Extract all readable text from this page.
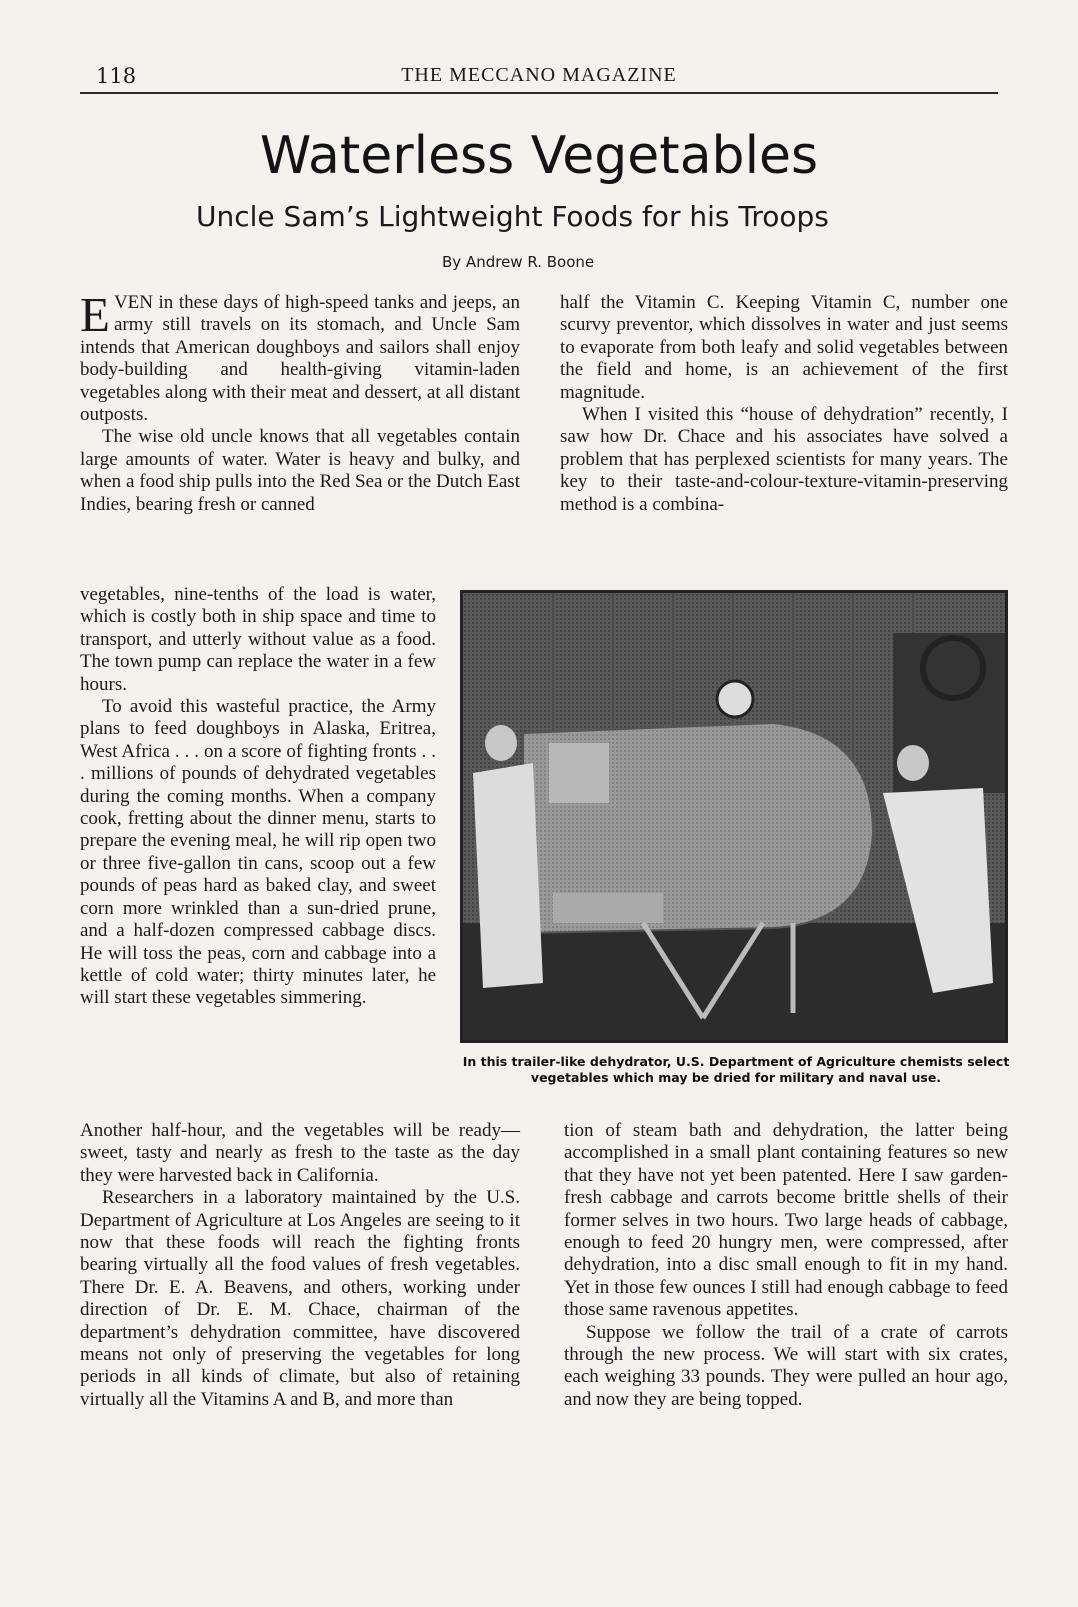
118	THE MECCANO MAGAZINE
Waterless Vegetables
Uncle Sam’s Lightweight Foods for his Troops
By Andrew R. Boone

EVEN in these days of high-speed tanks and jeeps, an army still travels on its stomach, and Uncle Sam intends that American doughboys and sailors shall enjoy body-building and health-giving vitamin-laden vegetables along with their meat and dessert, at all distant outposts.

The wise old uncle knows that all vegetables contain large amounts of water. Water is heavy and bulky, and when a food ship pulls into the Red Sea or the Dutch East Indies, bearing fresh or canned

vegetables, nine-tenths of the load is water, which is costly both in ship space and time to transport, and utterly without value as a food. The town pump can replace the water in a few hours.

To avoid this wasteful practice, the Army plans to feed doughboys in Alaska, Eritrea, West Africa . . . on a score of fighting fronts . . . millions of pounds of dehydrated vegetables during the coming months. When a company cook, fretting about the dinner menu, starts to prepare the evening meal, he will rip open two or three five-gallon tin cans, scoop out a few pounds of peas hard as baked clay, and sweet corn more wrinkled than a sun-dried prune, and a half-dozen compressed cabbage discs. He will toss the peas, corn and cabbage into a kettle of cold water; thirty minutes later, he will start these vegetables simmering.

Another half-hour, and the vegetables will be ready—sweet, tasty and nearly as fresh to the taste as the day they were harvested back in California.

Researchers in a laboratory maintained by the U.S. Department of Agriculture at Los Angeles are seeing to it now that these foods will reach the fighting fronts bearing virtually all the food values of fresh vegetables. There Dr. E. A. Beavens, and others, working under direction of Dr. E. M. Chace, chairman of the department’s dehydration committee, have discovered means not only of preserving the vegetables for long periods in all kinds of climate, but also of retaining virtually all the Vitamins A and B, and more than

half the Vitamin C. Keeping Vitamin C, number one scurvy preventor, which dissolves in water and just seems to evaporate from both leafy and solid vegetables between the field and home, is an achievement of the first magnitude.

When I visited this “house of dehydration” recently, I saw how Dr. Chace and his associates have solved a problem that has perplexed scientists for many years. The key to their taste-and-colour-texture-vitamin-preserving method is a combina-

In this trailer-like dehydrator, U.S. Department of Agriculture chemists select vegetables which may be dried for military and naval use.

tion of steam bath and dehydration, the latter being accomplished in a small plant containing features so new that they have not yet been patented. Here I saw garden-fresh cabbage and carrots become brittle shells of their former selves in two hours. Two large heads of cabbage, enough to feed 20 hungry men, were compressed, after dehydration, into a disc small enough to fit in my hand. Yet in those few ounces I still had enough cabbage to feed those same ravenous appetites.

Suppose we follow the trail of a crate of carrots through the new process. We will start with six crates, each weighing 33 pounds. They were pulled an hour ago, and now they are being topped.
